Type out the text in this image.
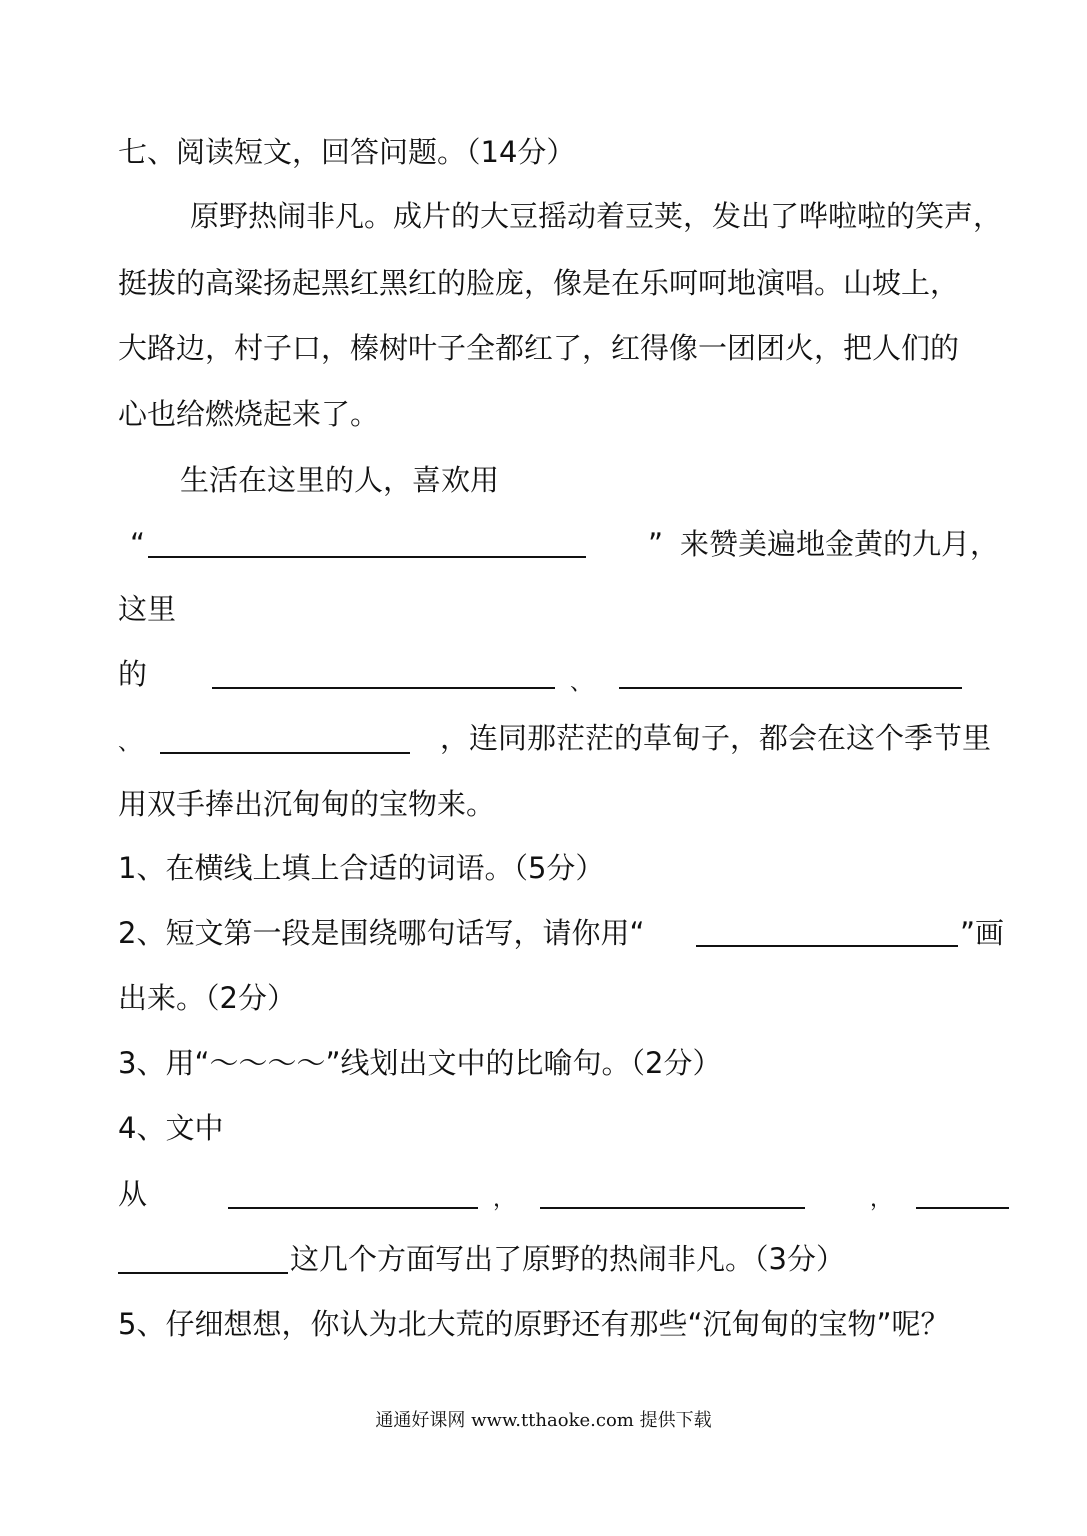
七、阅读短文，回答问题。（14分）
原野热闹非凡。成片的大豆摇动着豆荚，发出了哗啦啦的笑声，
挺拔的高粱扬起黑红黑红的脸庞，像是在乐呵呵地演唱。山坡上，
大路边，村子口，榛树叶子全都红了，红得像一团团火，把人们的
心也给燃烧起来了。
生活在这里的人，喜欢用
“	” 来赞美遍地金黄的九月，
这里
的	、
、	，连同那茫茫的草甸子，都会在这个季节里
用双手捧出沉甸甸的宝物来。
1、在横线上填上合适的词语。（5分）
2、短文第一段是围绕哪句话写，请你用“	”画
出来。（2分）
3、用“～～～～”线划出文中的比喻句。（2分）
4、文中
从	，	，
这几个方面写出了原野的热闹非凡。（3分）
5、仔细想想，你认为北大荒的原野还有那些“沉甸甸的宝物”呢？
通通好课网 www.tthaoke.com 提供下载
